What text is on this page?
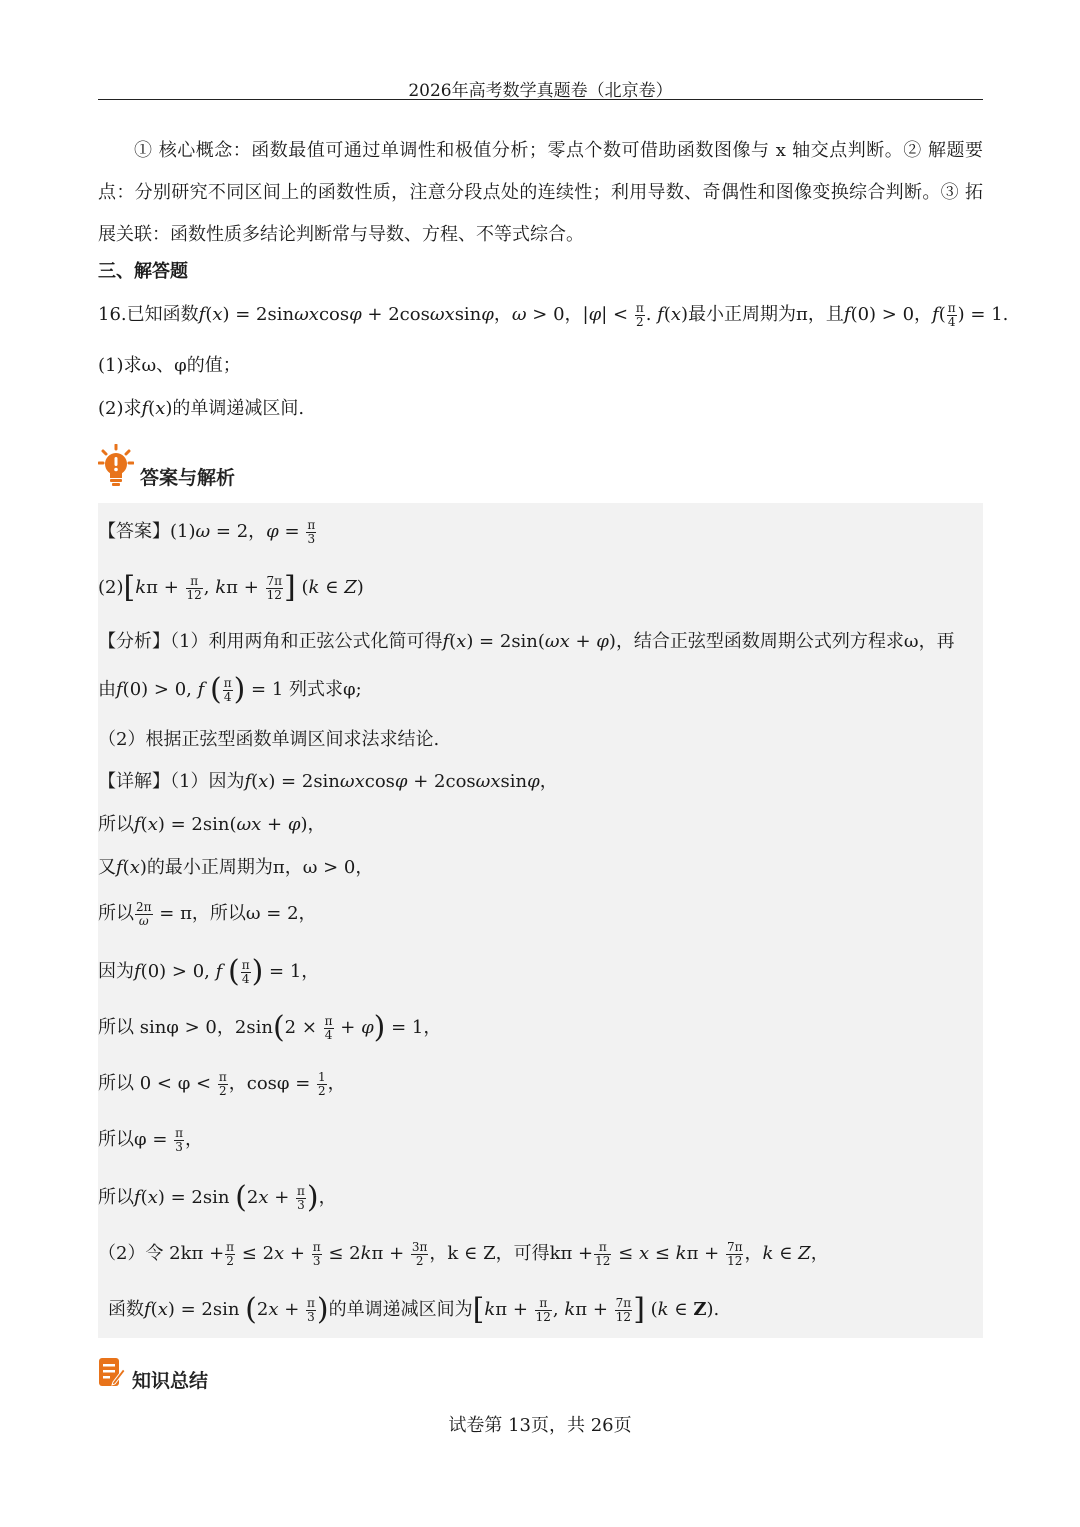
2026年高考数学真题卷（北京卷）
① 核心概念：函数最值可通过单调性和极值分析；零点个数可借助函数图像与 x 轴交点判断。② 解题要点：分别研究不同区间上的函数性质，注意分段点处的连续性；利用导数、奇偶性和图像变换综合判断。③ 拓展关联：函数性质多结论判断常与导数、方程、不等式综合。
三、解答题
16.已知函数f(x) = 2sinωxcosφ + 2cosωxsinφ，ω > 0，$|\varphi| < \frac{\pi}{2}$ . f(x)最小正周期为π，且f(0) > 0，$f( \frac{\pi}{4}$ ) = 1.
(1)求ω、φ的值；
(2)求f(x)的单调递减区间.
答案与解析
【答案】(1)ω = 2，$\varphi = \frac{\pi}{3}$
$(2)[k\pi + \frac{\pi}{12}$ , $k\pi + \frac{7\pi}{12}$ ] (k ∈ Z)
【分析】（1）利用两角和正弦公式化简可得f(x) = 2sin(ωx + φ)，结合正弦型函数周期公式列方程求ω，再
由f(0) > 0, f ( $\frac{\pi}{4}$ ) = 1 列式求φ;
（2）根据正弦型函数单调区间求法求结论.
【详解】（1）因为f(x) = 2sinωxcosφ + 2cosωxsinφ，
所以f(x) = 2sin(ωx + φ)，
又f(x)的最小正周期为π，ω > 0，
所以 $\frac{2\pi}{\omega} = \pi$，所以ω = 2，
因为f(0) > 0, f ( $\frac{\pi}{4}$ ) = 1，
所以 sinφ > 0，$2\sin(2 \times \frac{\pi}{4} + \varphi) = 1$，
所以 $0 < \varphi < \frac{\pi}{2}$ ，$\cos\varphi = \frac{1}{2}$ ，
所以$\varphi = \frac{\pi}{3}$ ，
所以f(x) = 2sin ($2x + \frac{\pi}{3}$ )，
（2）令 $2k\pi + \frac{\pi}{2} \le 2x + \frac{\pi}{3} \le 2k\pi + \frac{3\pi}{2}$ ，k ∈ Z，可得$k\pi + \frac{\pi}{12} \le x \le k\pi + \frac{7\pi}{12}$ ，k ∈ Z，
函数f(x) = 2sin ($2x + \frac{\pi}{3}$ )的单调递减区间为[$k\pi + \frac{\pi}{12}$ , $k\pi + \frac{7\pi}{12}$ ] (k ∈ Z).
知识总结
试卷第 13页，共 26页
